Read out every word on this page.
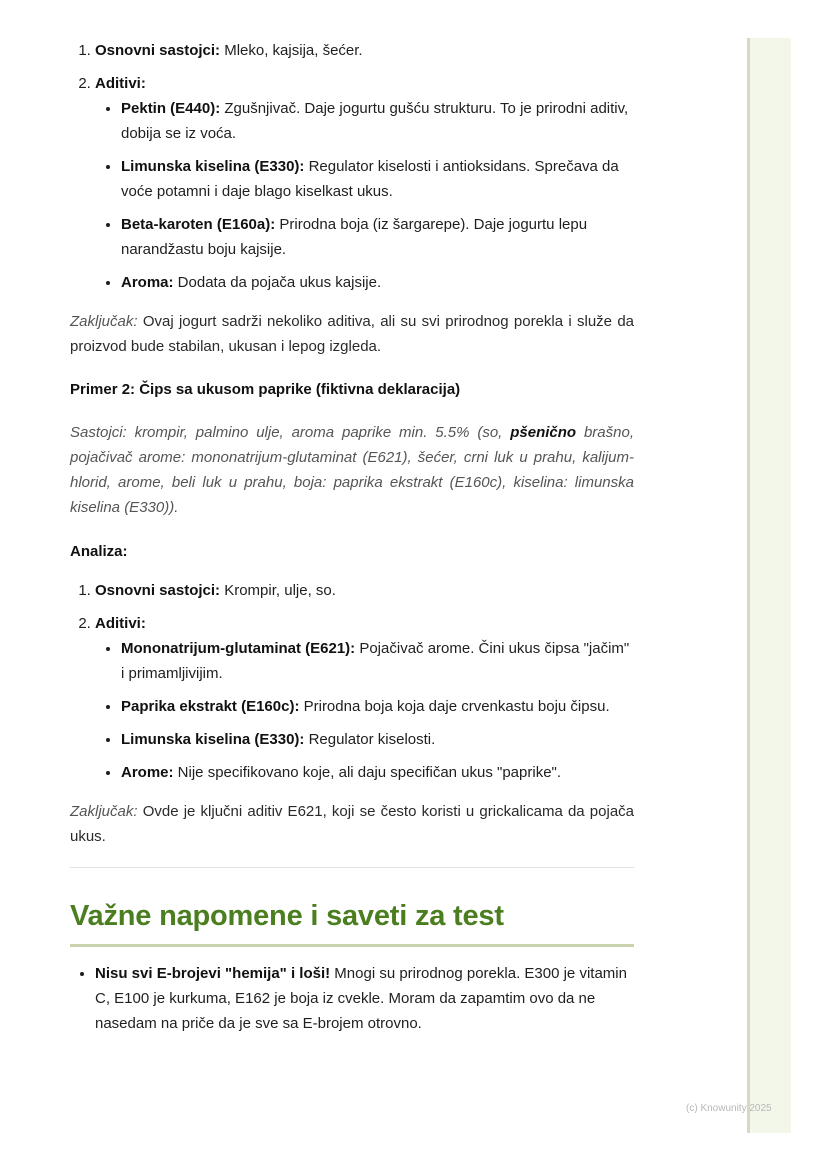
1. Osnovni sastojci: Mleko, kajsija, šećer.
2. Aditivi:
• Pektin (E440): Zgušnjivač. Daje jogurtu gušću strukturu. To je prirodni aditiv, dobija se iz voća.
• Limunska kiselina (E330): Regulator kiselosti i antioksidans. Sprečava da voće potamni i daje blago kiselkast ukus.
• Beta-karoten (E160a): Prirodna boja (iz šargarepe). Daje jogurtu lepu narandžastu boju kajsije.
• Aroma: Dodata da pojača ukus kajsije.

Zaključak: Ovaj jogurt sadrži nekoliko aditiva, ali su svi prirodnog porekla i služe da proizvod bude stabilan, ukusan i lepog izgleda.

Primer 2: Čips sa ukusom paprike (fiktivna deklaracija)

Sastojci: krompir, palmino ulje, aroma paprike min. 5.5% (so, pšenično brašno, pojačivač arome: mononatrijum-glutaminat (E621), šećer, crni luk u prahu, kalijum-hlorid, arome, beli luk u prahu, boja: paprika ekstrakt (E160c), kiselina: limunska kiselina (E330)).

Analiza:

1. Osnovni sastojci: Krompir, ulje, so.
2. Aditivi:
• Mononatrijum-glutaminat (E621): Pojačivač arome. Čini ukus čipsa "jačim" i primamljivijim.
• Paprika ekstrakt (E160c): Prirodna boja koja daje crvenkastu boju čipsu.
• Limunska kiselina (E330): Regulator kiselosti.
• Arome: Nije specifikovano koje, ali daju specifičan ukus "paprike".

Zaključak: Ovde je ključni aditiv E621, koji se često koristi u grickalicama da pojača ukus.

Važne napomene i saveti za test
• Nisu svi E-brojevi "hemija" i loši! Mnogi su prirodnog porekla. E300 je vitamin C, E100 je kurkuma, E162 je boja iz cvekle. Moram da zapamtim ovo da ne nasedam na priče da je sve sa E-brojem otrovno.
(c) Knowunity 2025
